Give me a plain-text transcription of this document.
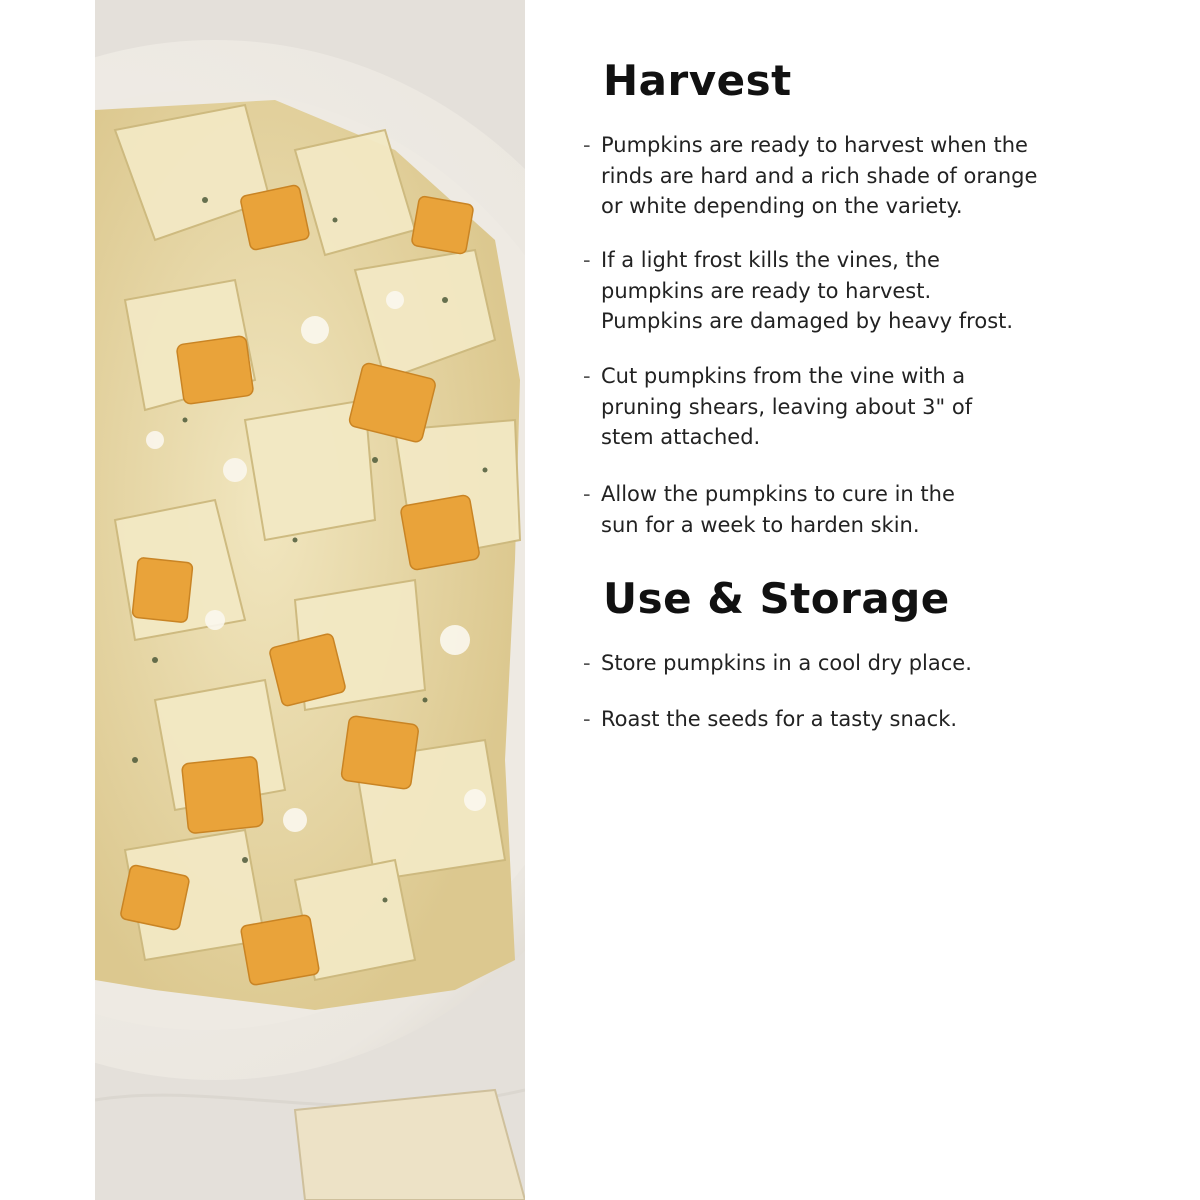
Harvest
- Pumpkins are ready to harvest when the
rinds are hard and a rich shade of orange
or white depending on the variety.
- If a light frost kills the vines, the
pumpkins are ready to harvest.
Pumpkins are damaged by heavy frost.
- Cut pumpkins from the vine with a
pruning shears, leaving about 3" of
stem attached.
- Allow the pumpkins to cure in the
sun for a week to harden skin.
Use & Storage
- Store pumpkins in a cool dry place.
- Roast the seeds for a tasty snack.
